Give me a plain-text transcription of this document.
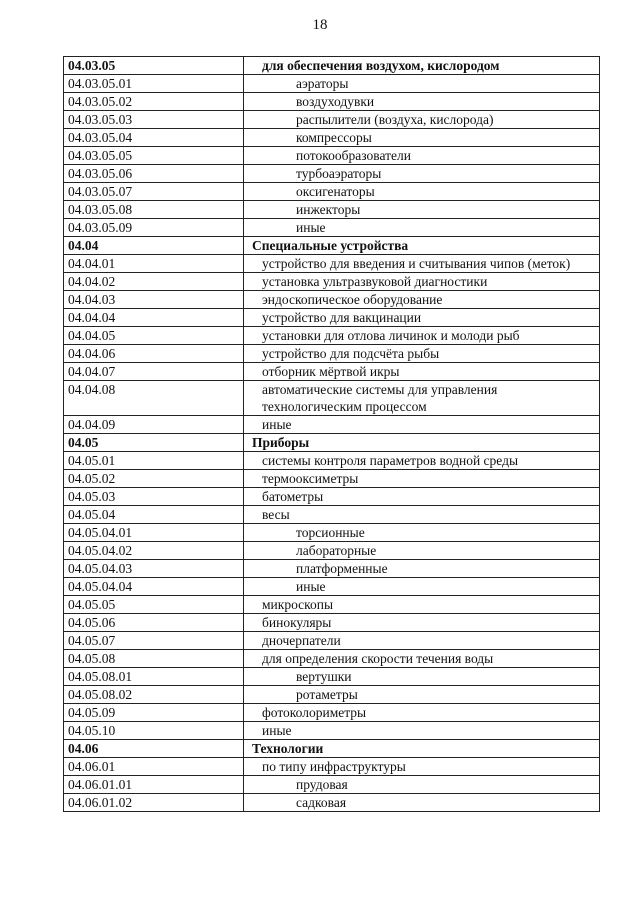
18
04.03.05	для обеспечения воздухом, кислородом
04.03.05.01	аэраторы
04.03.05.02	воздуходувки
04.03.05.03	распылители (воздуха, кислорода)
04.03.05.04	компрессоры
04.03.05.05	потокообразователи
04.03.05.06	турбоаэраторы
04.03.05.07	оксигенаторы
04.03.05.08	инжекторы
04.03.05.09	иные
04.04	Специальные устройства
04.04.01	устройство для введения и считывания чипов (меток)
04.04.02	установка ультразвуковой диагностики
04.04.03	эндоскопическое оборудование
04.04.04	устройство для вакцинации
04.04.05	установки для отлова личинок и молоди рыб
04.04.06	устройство для подсчёта рыбы
04.04.07	отборник мёртвой икры
04.04.08	автоматические системы для управления технологическим процессом
04.04.09	иные
04.05	Приборы
04.05.01	системы контроля параметров водной среды
04.05.02	термооксиметры
04.05.03	батометры
04.05.04	весы
04.05.04.01	торсионные
04.05.04.02	лабораторные
04.05.04.03	платформенные
04.05.04.04	иные
04.05.05	микроскопы
04.05.06	бинокуляры
04.05.07	дночерпатели
04.05.08	для определения скорости течения воды
04.05.08.01	вертушки
04.05.08.02	ротаметры
04.05.09	фотоколориметры
04.05.10	иные
04.06	Технологии
04.06.01	по типу инфраструктуры
04.06.01.01	прудовая
04.06.01.02	садковая
